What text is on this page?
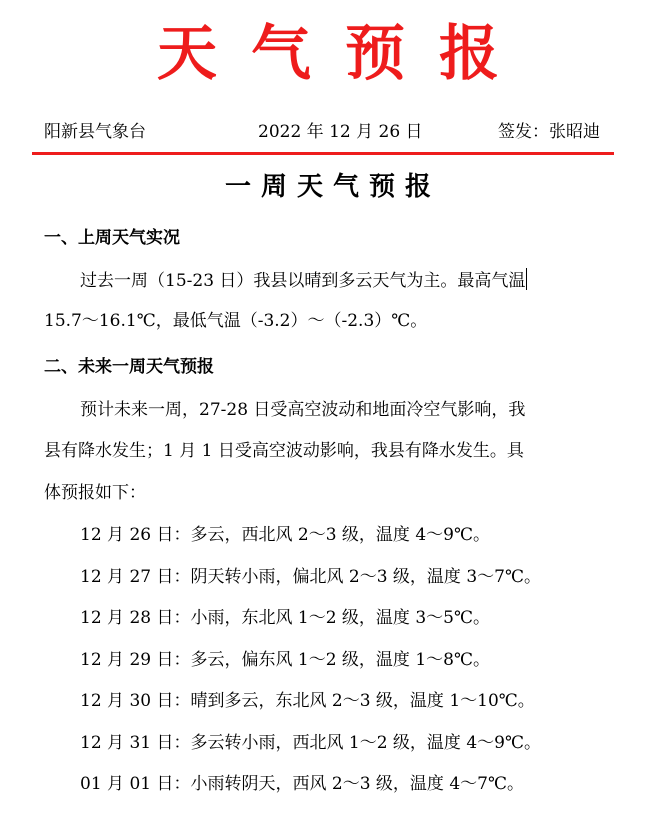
天气预报
阳新县气象台	2022 年 12 月 26 日	签发：张昭迪
一周天气预报
一、上周天气实况
过去一周（15-23 日）我县以晴到多云天气为主。最高气温
15.7～16.1℃，最低气温（-3.2）～（-2.3）℃。
二、未来一周天气预报
预计未来一周，27-28 日受高空波动和地面冷空气影响，我
县有降水发生；1 月 1 日受高空波动影响，我县有降水发生。具
体预报如下：
12 月 26 日：多云，西北风 2～3 级，温度 4～9℃。
12 月 27 日：阴天转小雨，偏北风 2～3 级，温度 3～7℃。
12 月 28 日：小雨，东北风 1～2 级，温度 3～5℃。
12 月 29 日：多云，偏东风 1～2 级，温度 1～8℃。
12 月 30 日：晴到多云，东北风 2～3 级，温度 1～10℃。
12 月 31 日：多云转小雨，西北风 1～2 级，温度 4～9℃。
01 月 01 日：小雨转阴天，西风 2～3 级，温度 4～7℃。
